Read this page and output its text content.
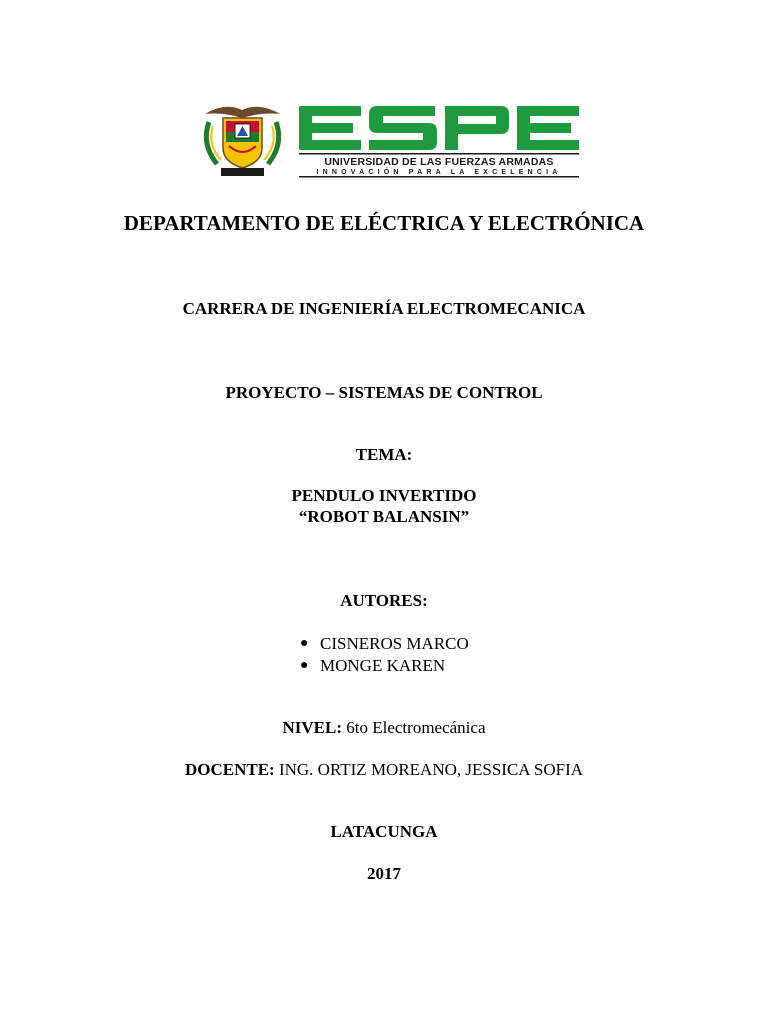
UNIVERSIDAD DE LAS FUERZAS ARMADAS
INNOVACIÓN PARA LA EXCELENCIA
DEPARTAMENTO DE ELÉCTRICA Y ELECTRÓNICA
CARRERA DE INGENIERÍA ELECTROMECANICA
PROYECTO – SISTEMAS DE CONTROL
TEMA:
PENDULO INVERTIDO
“ROBOT BALANSIN”
AUTORES:
● CISNEROS MARCO
● MONGE KAREN
NIVEL: 6to Electromecánica
DOCENTE: ING. ORTIZ MOREANO, JESSICA SOFIA
LATACUNGA
2017
